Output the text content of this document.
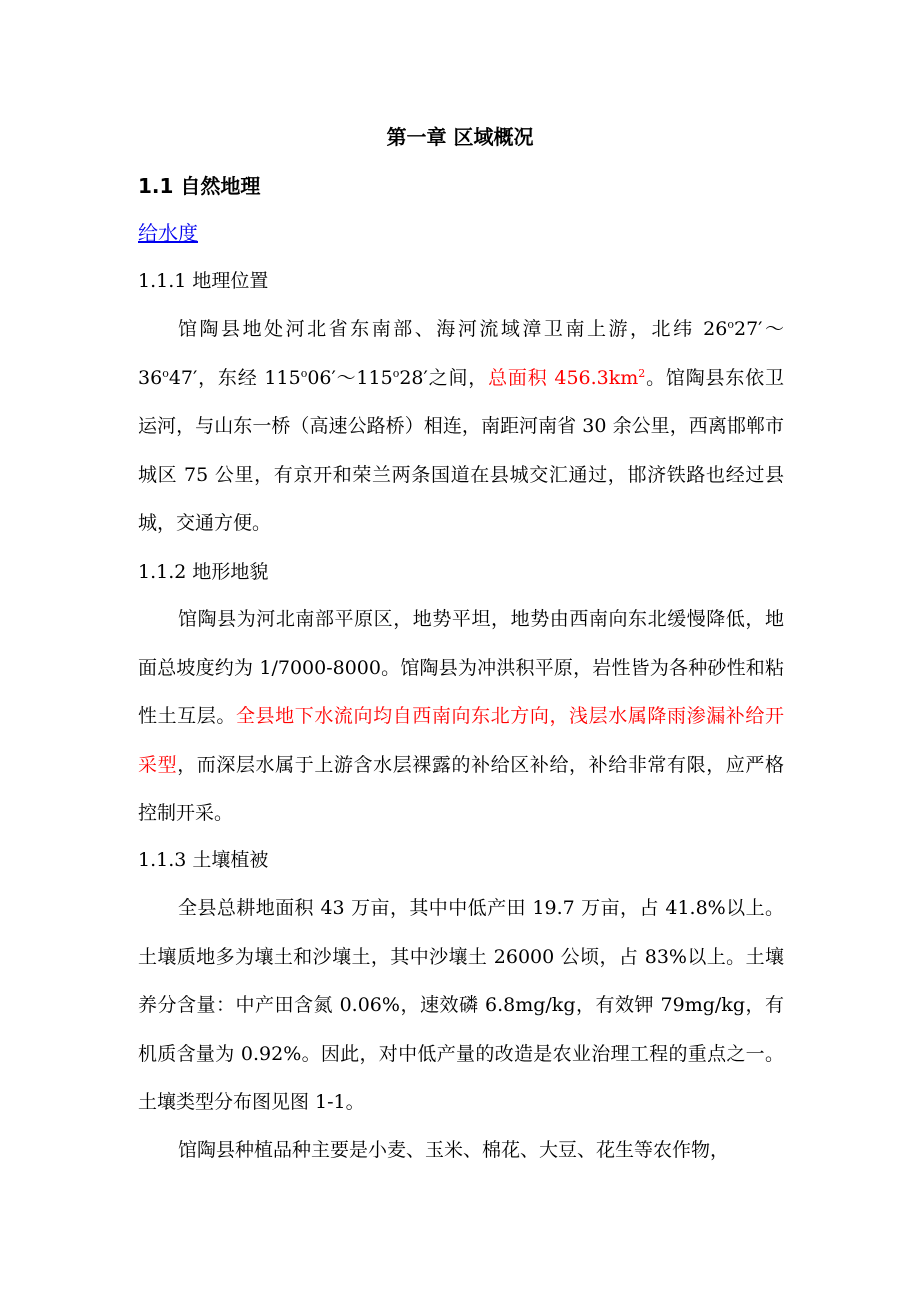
第一章 区域概况
1.1 自然地理
给水度
1.1.1 地理位置

馆陶县地处河北省东南部、海河流域漳卫南上游，北纬 26$^o$27′～36$^o$47′，东经 115$^o$06′～115$^o$28′之间，总面积 $456.3km^2$。馆陶县东依卫运河，与山东一桥（高速公路桥）相连，南距河南省 30 余公里，西离邯郸市城区 75 公里，有京开和荣兰两条国道在县城交汇通过，邯济铁路也经过县城，交通方便。

1.1.2 地形地貌

馆陶县为河北南部平原区，地势平坦，地势由西南向东北缓慢降低，地面总坡度约为 1/7000-8000。馆陶县为冲洪积平原，岩性皆为各种砂性和粘性土互层。全县地下水流向均自西南向东北方向，浅层水属降雨渗漏补给开采型，而深层水属于上游含水层裸露的补给区补给，补给非常有限，应严格控制开采。

1.1.3 土壤植被

全县总耕地面积 43 万亩，其中中低产田 19.7 万亩，占 41.8%以上。土壤质地多为壤土和沙壤土，其中沙壤土 26000 公顷，占 83%以上。土壤养分含量：中产田含氮 0.06%，速效磷 6.8mg/kg，有效钾 79mg/kg，有机质含量为 0.92%。因此，对中低产量的改造是农业治理工程的重点之一。土壤类型分布图见图 1-1。

馆陶县种植品种主要是小麦、玉米、棉花、大豆、花生等农作物，
